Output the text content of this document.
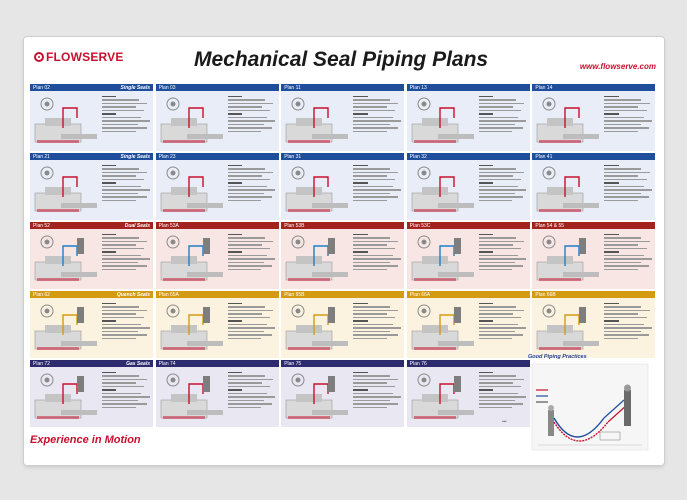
FLOWSERVE	Mechanical Seal Piping Plans	www.flowserve.com
Plan 02	Single Seals Plan 03	Plan 11	Plan 13	Plan 14
Plan 21	Single Seals Plan 23	Plan 31	Plan 32	Plan 41
Plan 52	Dual Seals Plan 53A	Plan 53B	Plan 53C	Plan 54 & 55
Plan 62	Quench Seals Plan 65A	Plan 65B	Plan 66A	Plan 66B
Plan 72	Gas Seals Plan 74	Plan 75	Plan 76
Experience in Motion
Good Piping Practices
■■■
